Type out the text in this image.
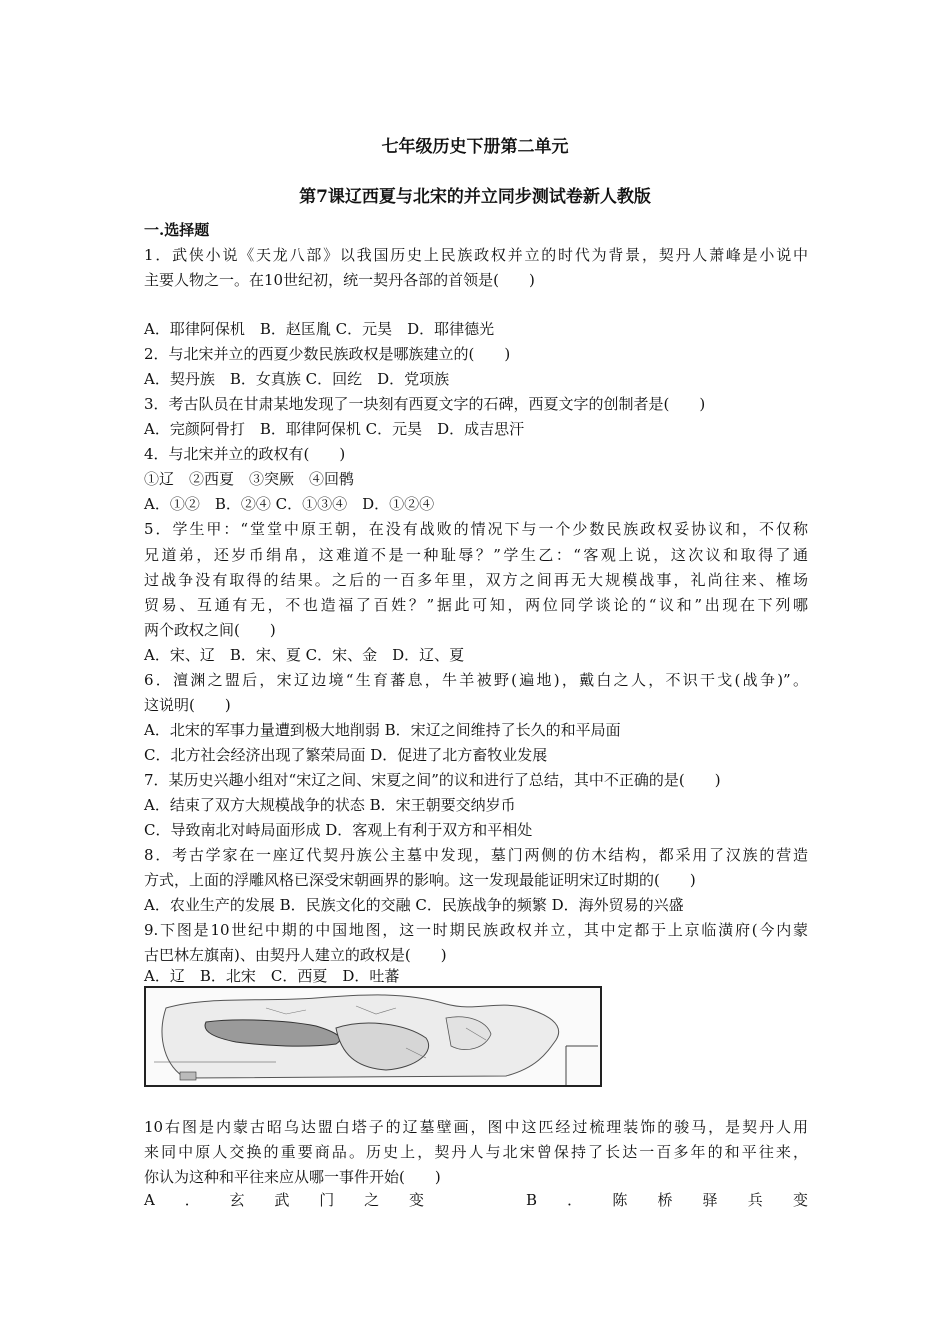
七年级历史下册第二单元
第7课辽西夏与北宋的并立同步测试卷新人教版
一.选择题
1．武侠小说《天龙八部》以我国历史上民族政权并立的时代为背景，契丹人萧峰是小说中
主要人物之一。在10世纪初，统一契丹各部的首领是(　　)
A．耶律阿保机　B．赵匡胤 C．元昊　D．耶律德光
2．与北宋并立的西夏少数民族政权是哪族建立的(　　)
A．契丹族　B．女真族 C．回纥　D．党项族
3．考古队员在甘肃某地发现了一块刻有西夏文字的石碑，西夏文字的创制者是(　　)
A．完颜阿骨打　B．耶律阿保机 C．元昊　D．成吉思汗
4．与北宋并立的政权有(　　)
①辽　②西夏　③突厥　④回鹘
A．①②　B．②④ C．①③④　D．①②④
5．学生甲：“堂堂中原王朝，在没有战败的情况下与一个少数民族政权妥协议和，不仅称
兄道弟，还岁币绢帛，这难道不是一种耻辱？”学生乙：“客观上说，这次议和取得了通
过战争没有取得的结果。之后的一百多年里，双方之间再无大规模战事，礼尚往来、榷场
贸易、互通有无，不也造福了百姓？”据此可知，两位同学谈论的“议和”出现在下列哪
两个政权之间(　　)
A．宋、辽　B．宋、夏 C．宋、金　D．辽、夏
6．澶渊之盟后，宋辽边境“生育蕃息，牛羊被野(遍地)，戴白之人，不识干戈(战争)”。
这说明(　　)
A．北宋的军事力量遭到极大地削弱 B．宋辽之间维持了长久的和平局面
C．北方社会经济出现了繁荣局面 D．促进了北方畜牧业发展
7．某历史兴趣小组对“宋辽之间、宋夏之间”的议和进行了总结，其中不正确的是(　　)
A．结束了双方大规模战争的状态 B．宋王朝要交纳岁币
C．导致南北对峙局面形成 D．客观上有利于双方和平相处
8．考古学家在一座辽代契丹族公主墓中发现，墓门两侧的仿木结构，都采用了汉族的营造
方式，上面的浮雕风格已深受宋朝画界的影响。这一发现最能证明宋辽时期的(　　)
A．农业生产的发展 B．民族文化的交融 C．民族战争的频繁 D．海外贸易的兴盛
9.下图是10世纪中期的中国地图，这一时期民族政权并立，其中定都于上京临潢府(今内蒙
古巴林左旗南)、由契丹人建立的政权是(　　)
A．辽　B．北宋　C．西夏　D．吐蕃
10右图是内蒙古昭乌达盟白塔子的辽墓壁画，图中这匹经过梳理装饰的骏马，是契丹人用
来同中原人交换的重要商品。历史上，契丹人与北宋曾保持了长达一百多年的和平往来，
你认为这种和平往来应从哪一事件开始(　　)
A ． 玄 武 门 之 变	B ． 陈 桥 驿 兵 变
